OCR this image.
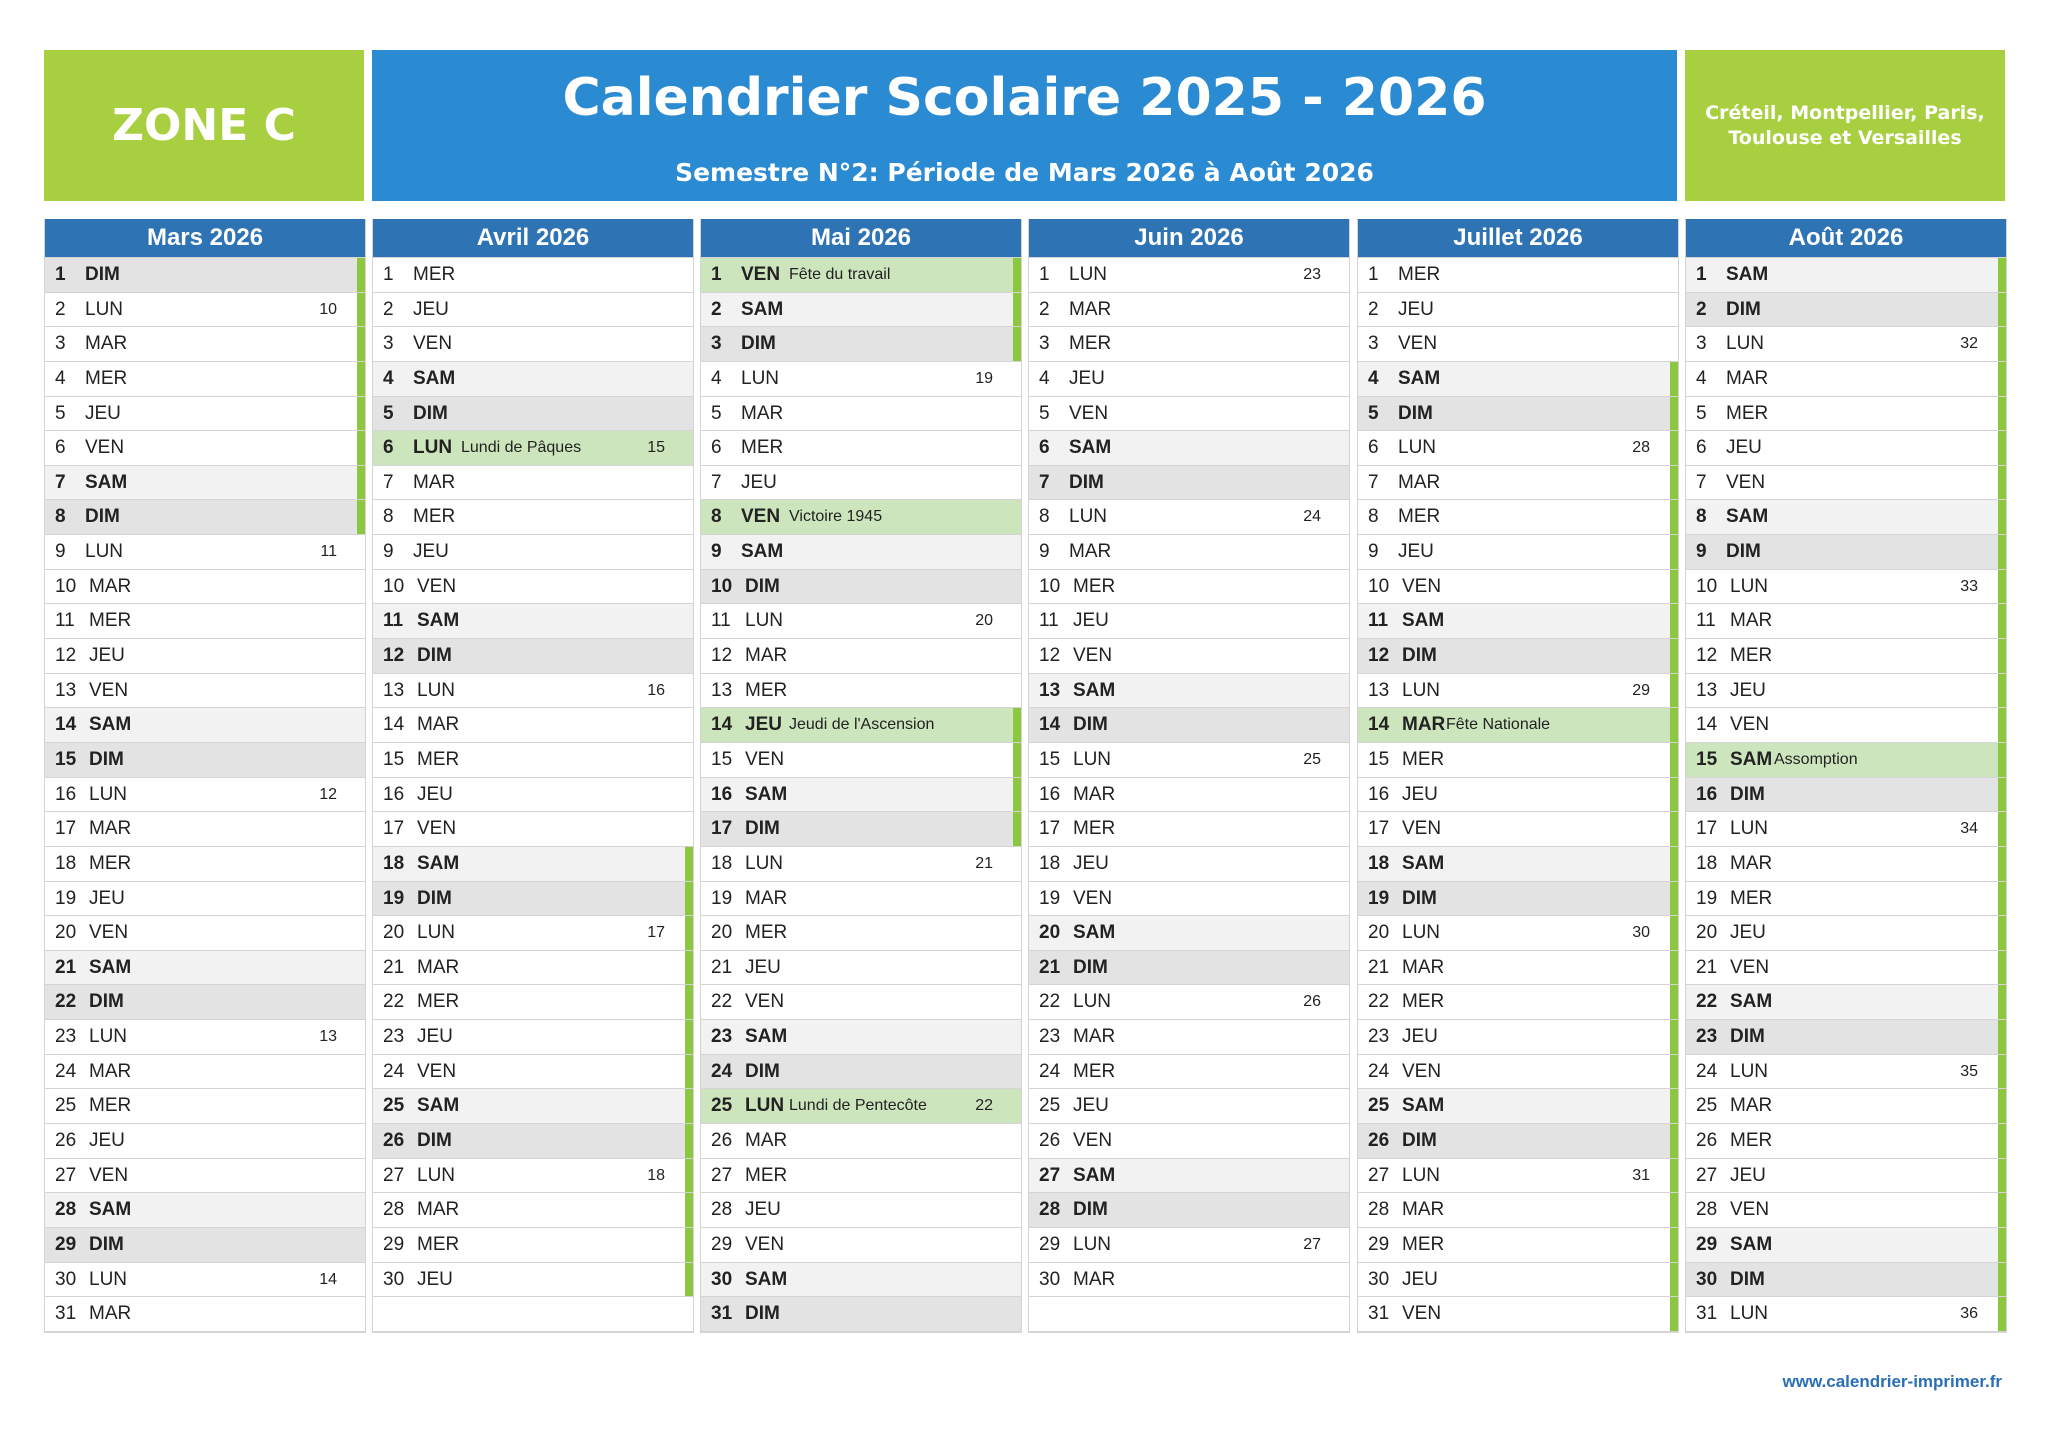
ZONE C	Calendrier Scolaire 2025 - 2026
Semestre N°2: Période de Mars 2026 à Août 2026
Créteil, Montpellier, Paris,
Toulouse et Versailles
Mars 2026
1 DIM
2 LUN	10
3 MAR
4 MER
5 JEU
6 VEN
7 SAM
8 DIM
9 LUN	11
10 MAR
11 MER
12 JEU
13 VEN
14 SAM
15 DIM
16 LUN	12
17 MAR
18 MER
19 JEU
20 VEN
21 SAM
22 DIM
23 LUN	13
24 MAR
25 MER
26 JEU
27 VEN
28 SAM
29 DIM
30 LUN	14
31 MAR
Avril 2026
1 MER
2 JEU
3 VEN
4 SAM
5 DIM
6 LUN Lundi de Pâques	15
7 MAR
8 MER
9 JEU
10 VEN
11 SAM
12 DIM
13 LUN	16
14 MAR
15 MER
16 JEU
17 VEN
18 SAM
19 DIM
20 LUN	17
21 MAR
22 MER
23 JEU
24 VEN
25 SAM
26 DIM
27 LUN	18
28 MAR
29 MER
30 JEU
Mai 2026
1 VEN Fête du travail
2 SAM
3 DIM
4 LUN	19
5 MAR
6 MER
7 JEU
8 VEN Victoire 1945
9 SAM
10 DIM
11 LUN	20
12 MAR
13 MER
14 JEU Jeudi de l'Ascension
15 VEN
16 SAM
17 DIM
18 LUN	21
19 MAR
20 MER
21 JEU
22 VEN
23 SAM
24 DIM
25 LUN Lundi de Pentecôte	22
26 MAR
27 MER
28 JEU
29 VEN
30 SAM
31 DIM
Juin 2026
1 LUN	23
2 MAR
3 MER
4 JEU
5 VEN
6 SAM
7 DIM
8 LUN	24
9 MAR
10 MER
11 JEU
12 VEN
13 SAM
14 DIM
15 LUN	25
16 MAR
17 MER
18 JEU
19 VEN
20 SAM
21 DIM
22 LUN	26
23 MAR
24 MER
25 JEU
26 VEN
27 SAM
28 DIM
29 LUN	27
30 MAR
Juillet 2026
1 MER
2 JEU
3 VEN
4 SAM
5 DIM
6 LUN	28
7 MAR
8 MER
9 JEU
10 VEN
11 SAM
12 DIM
13 LUN	29
14 MAR Fête Nationale
15 MER
16 JEU
17 VEN
18 SAM
19 DIM
20 LUN	30
21 MAR
22 MER
23 JEU
24 VEN
25 SAM
26 DIM
27 LUN	31
28 MAR
29 MER
30 JEU
31 VEN
Août 2026
1 SAM
2 DIM
3 LUN	32
4 MAR
5 MER
6 JEU
7 VEN
8 SAM
9 DIM
10 LUN	33
11 MAR
12 MER
13 JEU
14 VEN
15 SAM Assomption
16 DIM
17 LUN	34
18 MAR
19 MER
20 JEU
21 VEN
22 SAM
23 DIM
24 LUN	35
25 MAR
26 MER
27 JEU
28 VEN
29 SAM
30 DIM
31 LUN	36
www.calendrier-imprimer.fr
